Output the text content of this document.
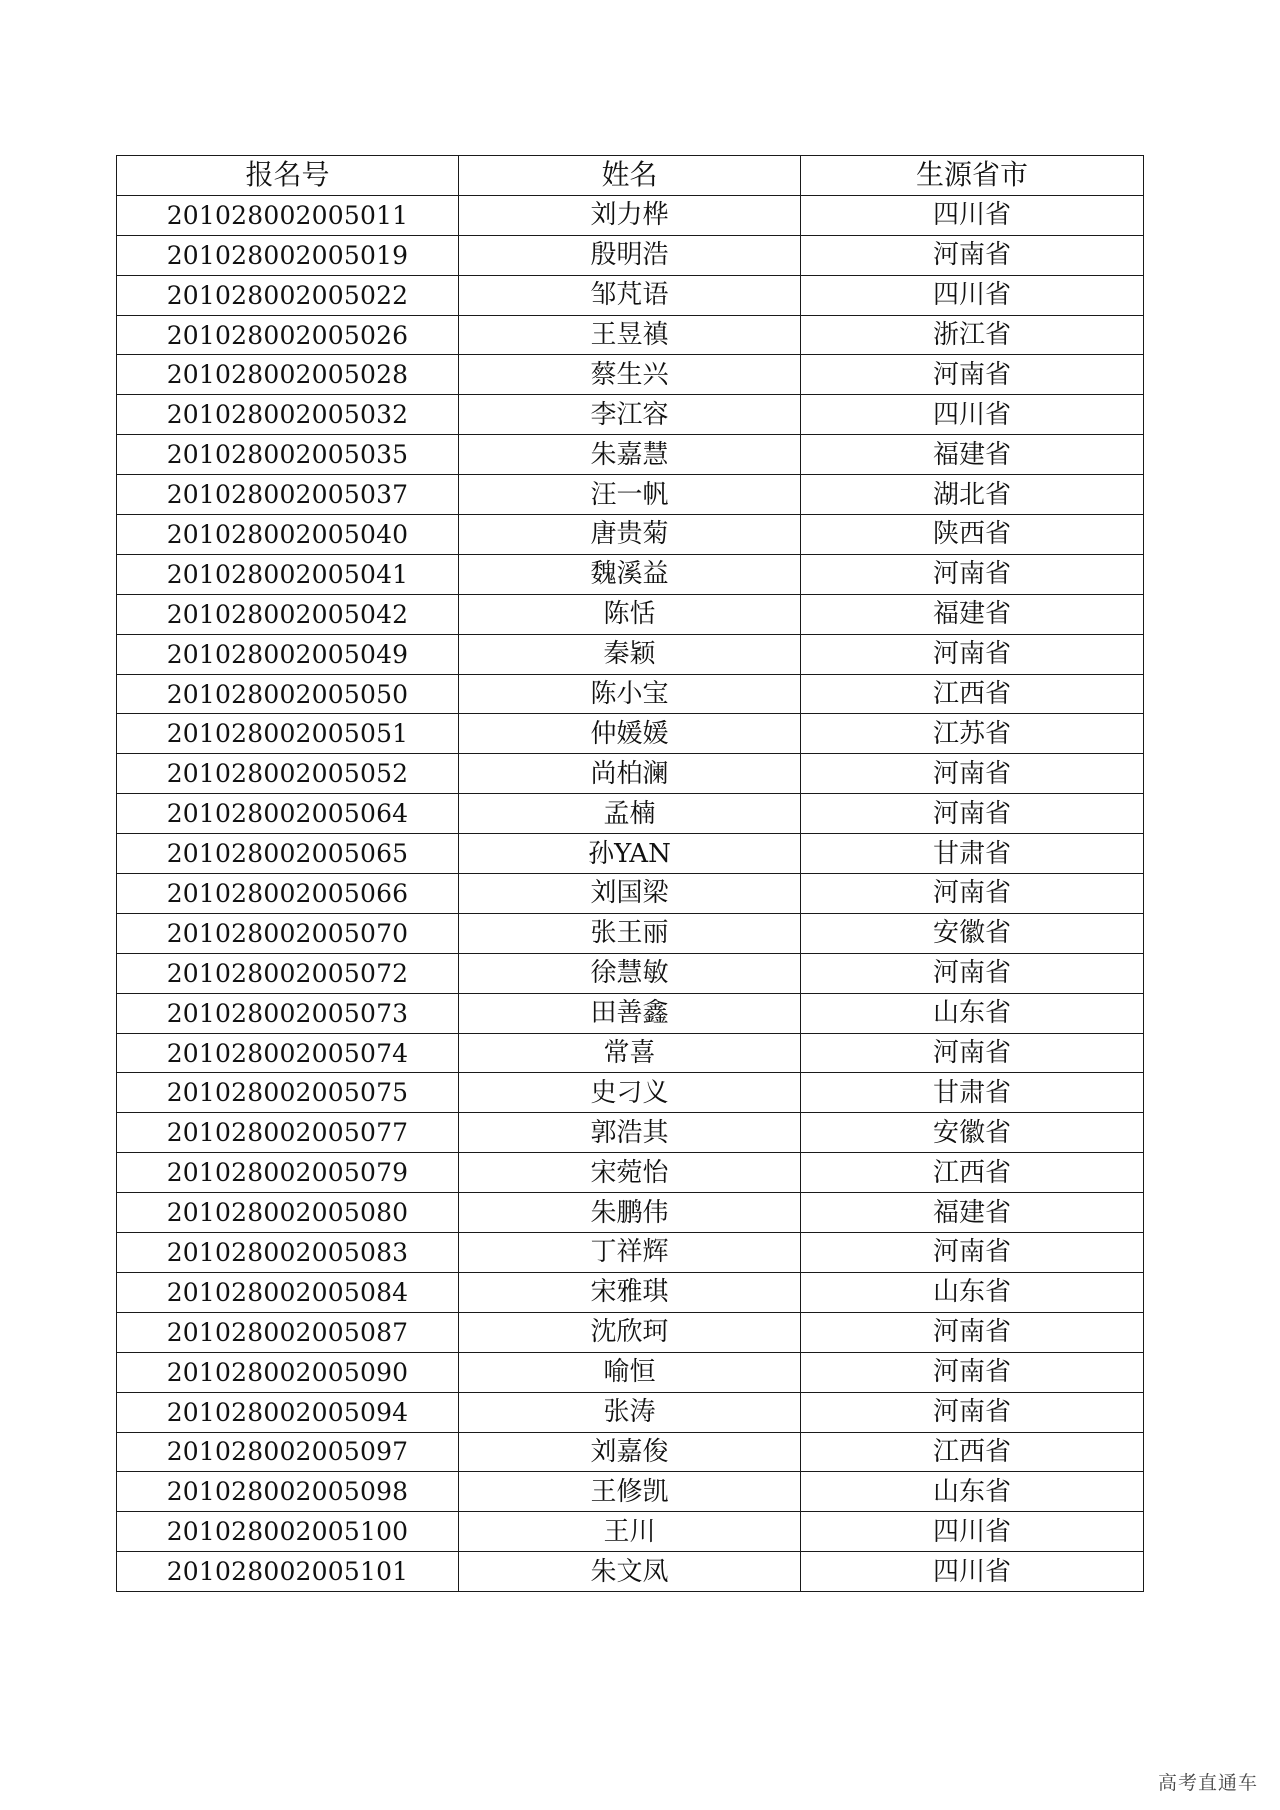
报名号	姓名	生源省市
201028002005011	刘力桦	四川省
201028002005019	殷明浩	河南省
201028002005022	邹芃语	四川省
201028002005026	王昱禛	浙江省
201028002005028	蔡生兴	河南省
201028002005032	李江容	四川省
201028002005035	朱嘉慧	福建省
201028002005037	汪一帆	湖北省
201028002005040	唐贵菊	陕西省
201028002005041	魏溪益	河南省
201028002005042	陈恬	福建省
201028002005049	秦颖	河南省
201028002005050	陈小宝	江西省
201028002005051	仲媛媛	江苏省
201028002005052	尚柏澜	河南省
201028002005064	孟楠	河南省
201028002005065	孙YAN	甘肃省
201028002005066	刘国梁	河南省
201028002005070	张王丽	安徽省
201028002005072	徐慧敏	河南省
201028002005073	田善鑫	山东省
201028002005074	常喜	河南省
201028002005075	史刁义	甘肃省
201028002005077	郭浩其	安徽省
201028002005079	宋菀怡	江西省
201028002005080	朱鹏伟	福建省
201028002005083	丁祥辉	河南省
201028002005084	宋雅琪	山东省
201028002005087	沈欣珂	河南省
201028002005090	喻恒	河南省
201028002005094	张涛	河南省
201028002005097	刘嘉俊	江西省
201028002005098	王修凯	山东省
201028002005100	王川	四川省
201028002005101	朱文凤	四川省
高考直通车
